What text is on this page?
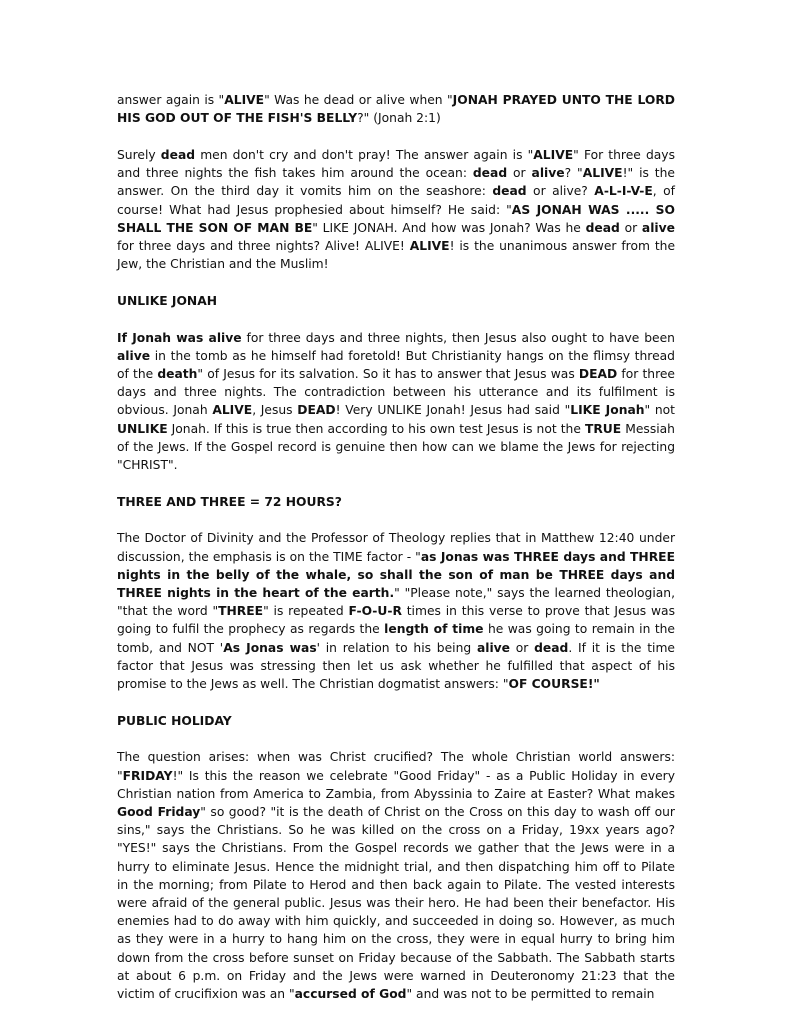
answer again is "ALIVE" Was he dead or alive when "JONAH PRAYED UNTO THE LORD HIS GOD OUT OF THE FISH'S BELLY?" (Jonah 2:1)

Surely dead men don't cry and don't pray! The answer again is "ALIVE" For three days and three nights the fish takes him around the ocean: dead or alive? "ALIVE!" is the answer. On the third day it vomits him on the seashore: dead or alive? A-L-I-V-E, of course! What had Jesus prophesied about himself? He said: "AS JONAH WAS ..... SO SHALL THE SON OF MAN BE" LIKE JONAH. And how was Jonah? Was he dead or alive for three days and three nights? Alive! ALIVE! ALIVE! is the unanimous answer from the Jew, the Christian and the Muslim!

UNLIKE JONAH

If Jonah was alive for three days and three nights, then Jesus also ought to have been alive in the tomb as he himself had foretold! But Christianity hangs on the flimsy thread of the death" of Jesus for its salvation. So it has to answer that Jesus was DEAD for three days and three nights. The contradiction between his utterance and its fulfilment is obvious. Jonah ALIVE, Jesus DEAD! Very UNLIKE Jonah! Jesus had said "LIKE Jonah" not UNLIKE Jonah. If this is true then according to his own test Jesus is not the TRUE Messiah of the Jews. If the Gospel record is genuine then how can we blame the Jews for rejecting "CHRIST".

THREE AND THREE = 72 HOURS?

The Doctor of Divinity and the Professor of Theology replies that in Matthew 12:40 under discussion, the emphasis is on the TIME factor - "as Jonas was THREE days and THREE nights in the belly of the whale, so shall the son of man be THREE days and THREE nights in the heart of the earth." "Please note," says the learned theologian, "that the word "THREE" is repeated F-O-U-R times in this verse to prove that Jesus was going to fulfil the prophecy as regards the length of time he was going to remain in the tomb, and NOT 'As Jonas was' in relation to his being alive or dead. If it is the time factor that Jesus was stressing then let us ask whether he fulfilled that aspect of his promise to the Jews as well. The Christian dogmatist answers: "OF COURSE!"

PUBLIC HOLIDAY

The question arises: when was Christ crucified? The whole Christian world answers: "FRIDAY!" Is this the reason we celebrate "Good Friday" - as a Public Holiday in every Christian nation from America to Zambia, from Abyssinia to Zaire at Easter? What makes Good Friday" so good? "it is the death of Christ on the Cross on this day to wash off our sins," says the Christians. So he was killed on the cross on a Friday, 19xx years ago? "YES!" says the Christians. From the Gospel records we gather that the Jews were in a hurry to eliminate Jesus. Hence the midnight trial, and then dispatching him off to Pilate in the morning; from Pilate to Herod and then back again to Pilate. The vested interests were afraid of the general public. Jesus was their hero. He had been their benefactor. His enemies had to do away with him quickly, and succeeded in doing so. However, as much as they were in a hurry to hang him on the cross, they were in equal hurry to bring him down from the cross before sunset on Friday because of the Sabbath. The Sabbath starts at about 6 p.m. on Friday and the Jews were warned in Deuteronomy 21:23 that the victim of crucifixion was an "accursed of God" and was not to be permitted to remain
